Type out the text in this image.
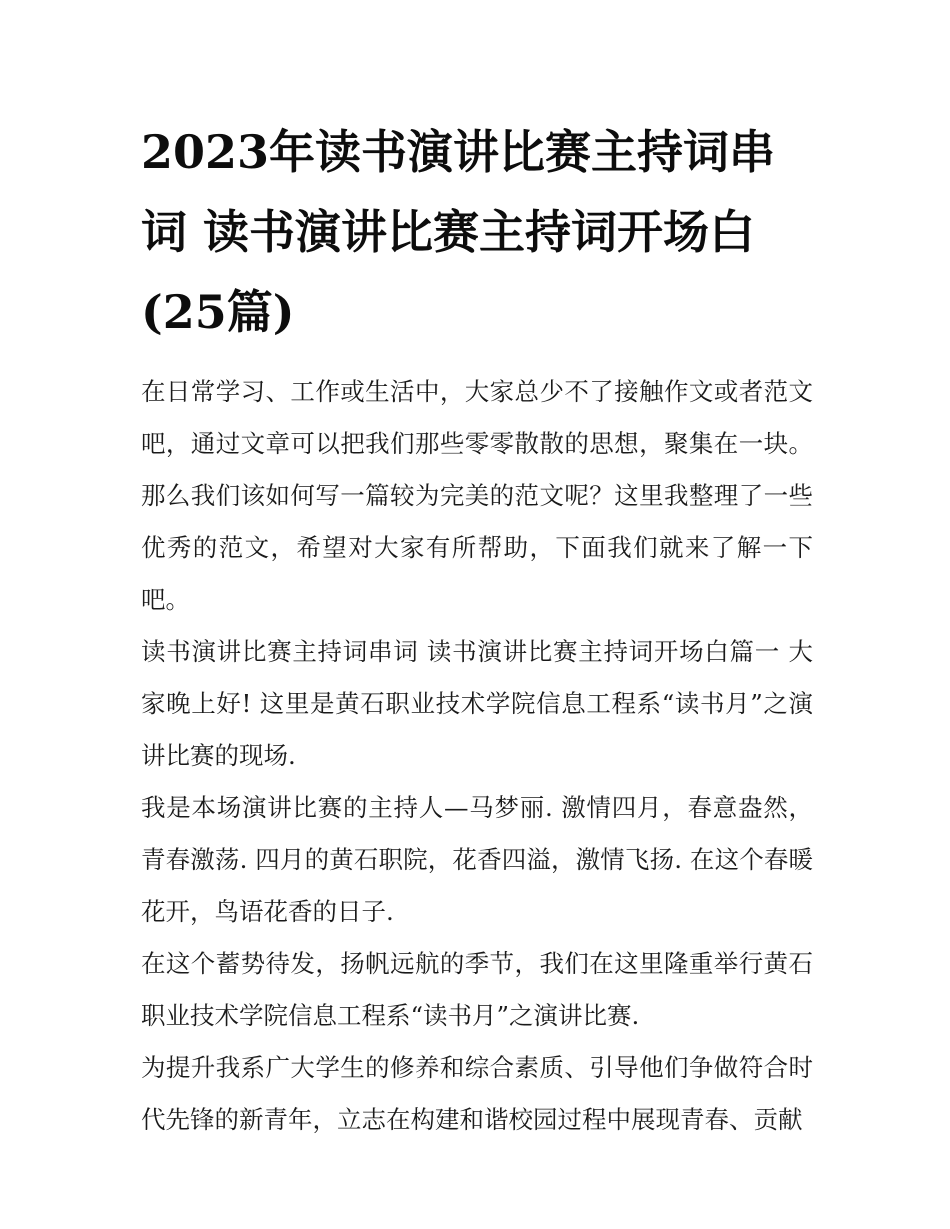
2023年读书演讲比赛主持词串词 读书演讲比赛主持词开场白(25篇)

在日常学习、工作或生活中，大家总少不了接触作文或者范文吧，通过文章可以把我们那些零零散散的思想，聚集在一块。那么我们该如何写一篇较为完美的范文呢？这里我整理了一些优秀的范文，希望对大家有所帮助，下面我们就来了解一下吧。

读书演讲比赛主持词串词 读书演讲比赛主持词开场白篇一 大家晚上好! 这里是黄石职业技术学院信息工程系“读书月”之演讲比赛的现场.

我是本场演讲比赛的主持人—马梦丽. 激情四月，春意盎然，青春激荡. 四月的黄石职院，花香四溢，激情飞扬. 在这个春暖花开，鸟语花香的日子.

在这个蓄势待发，扬帆远航的季节，我们在这里隆重举行黄石职业技术学院信息工程系“读书月”之演讲比赛.

为提升我系广大学生的修养和综合素质、引导他们争做符合时代先锋的新青年，立志在构建和谐校园过程中展现青春、贡献
